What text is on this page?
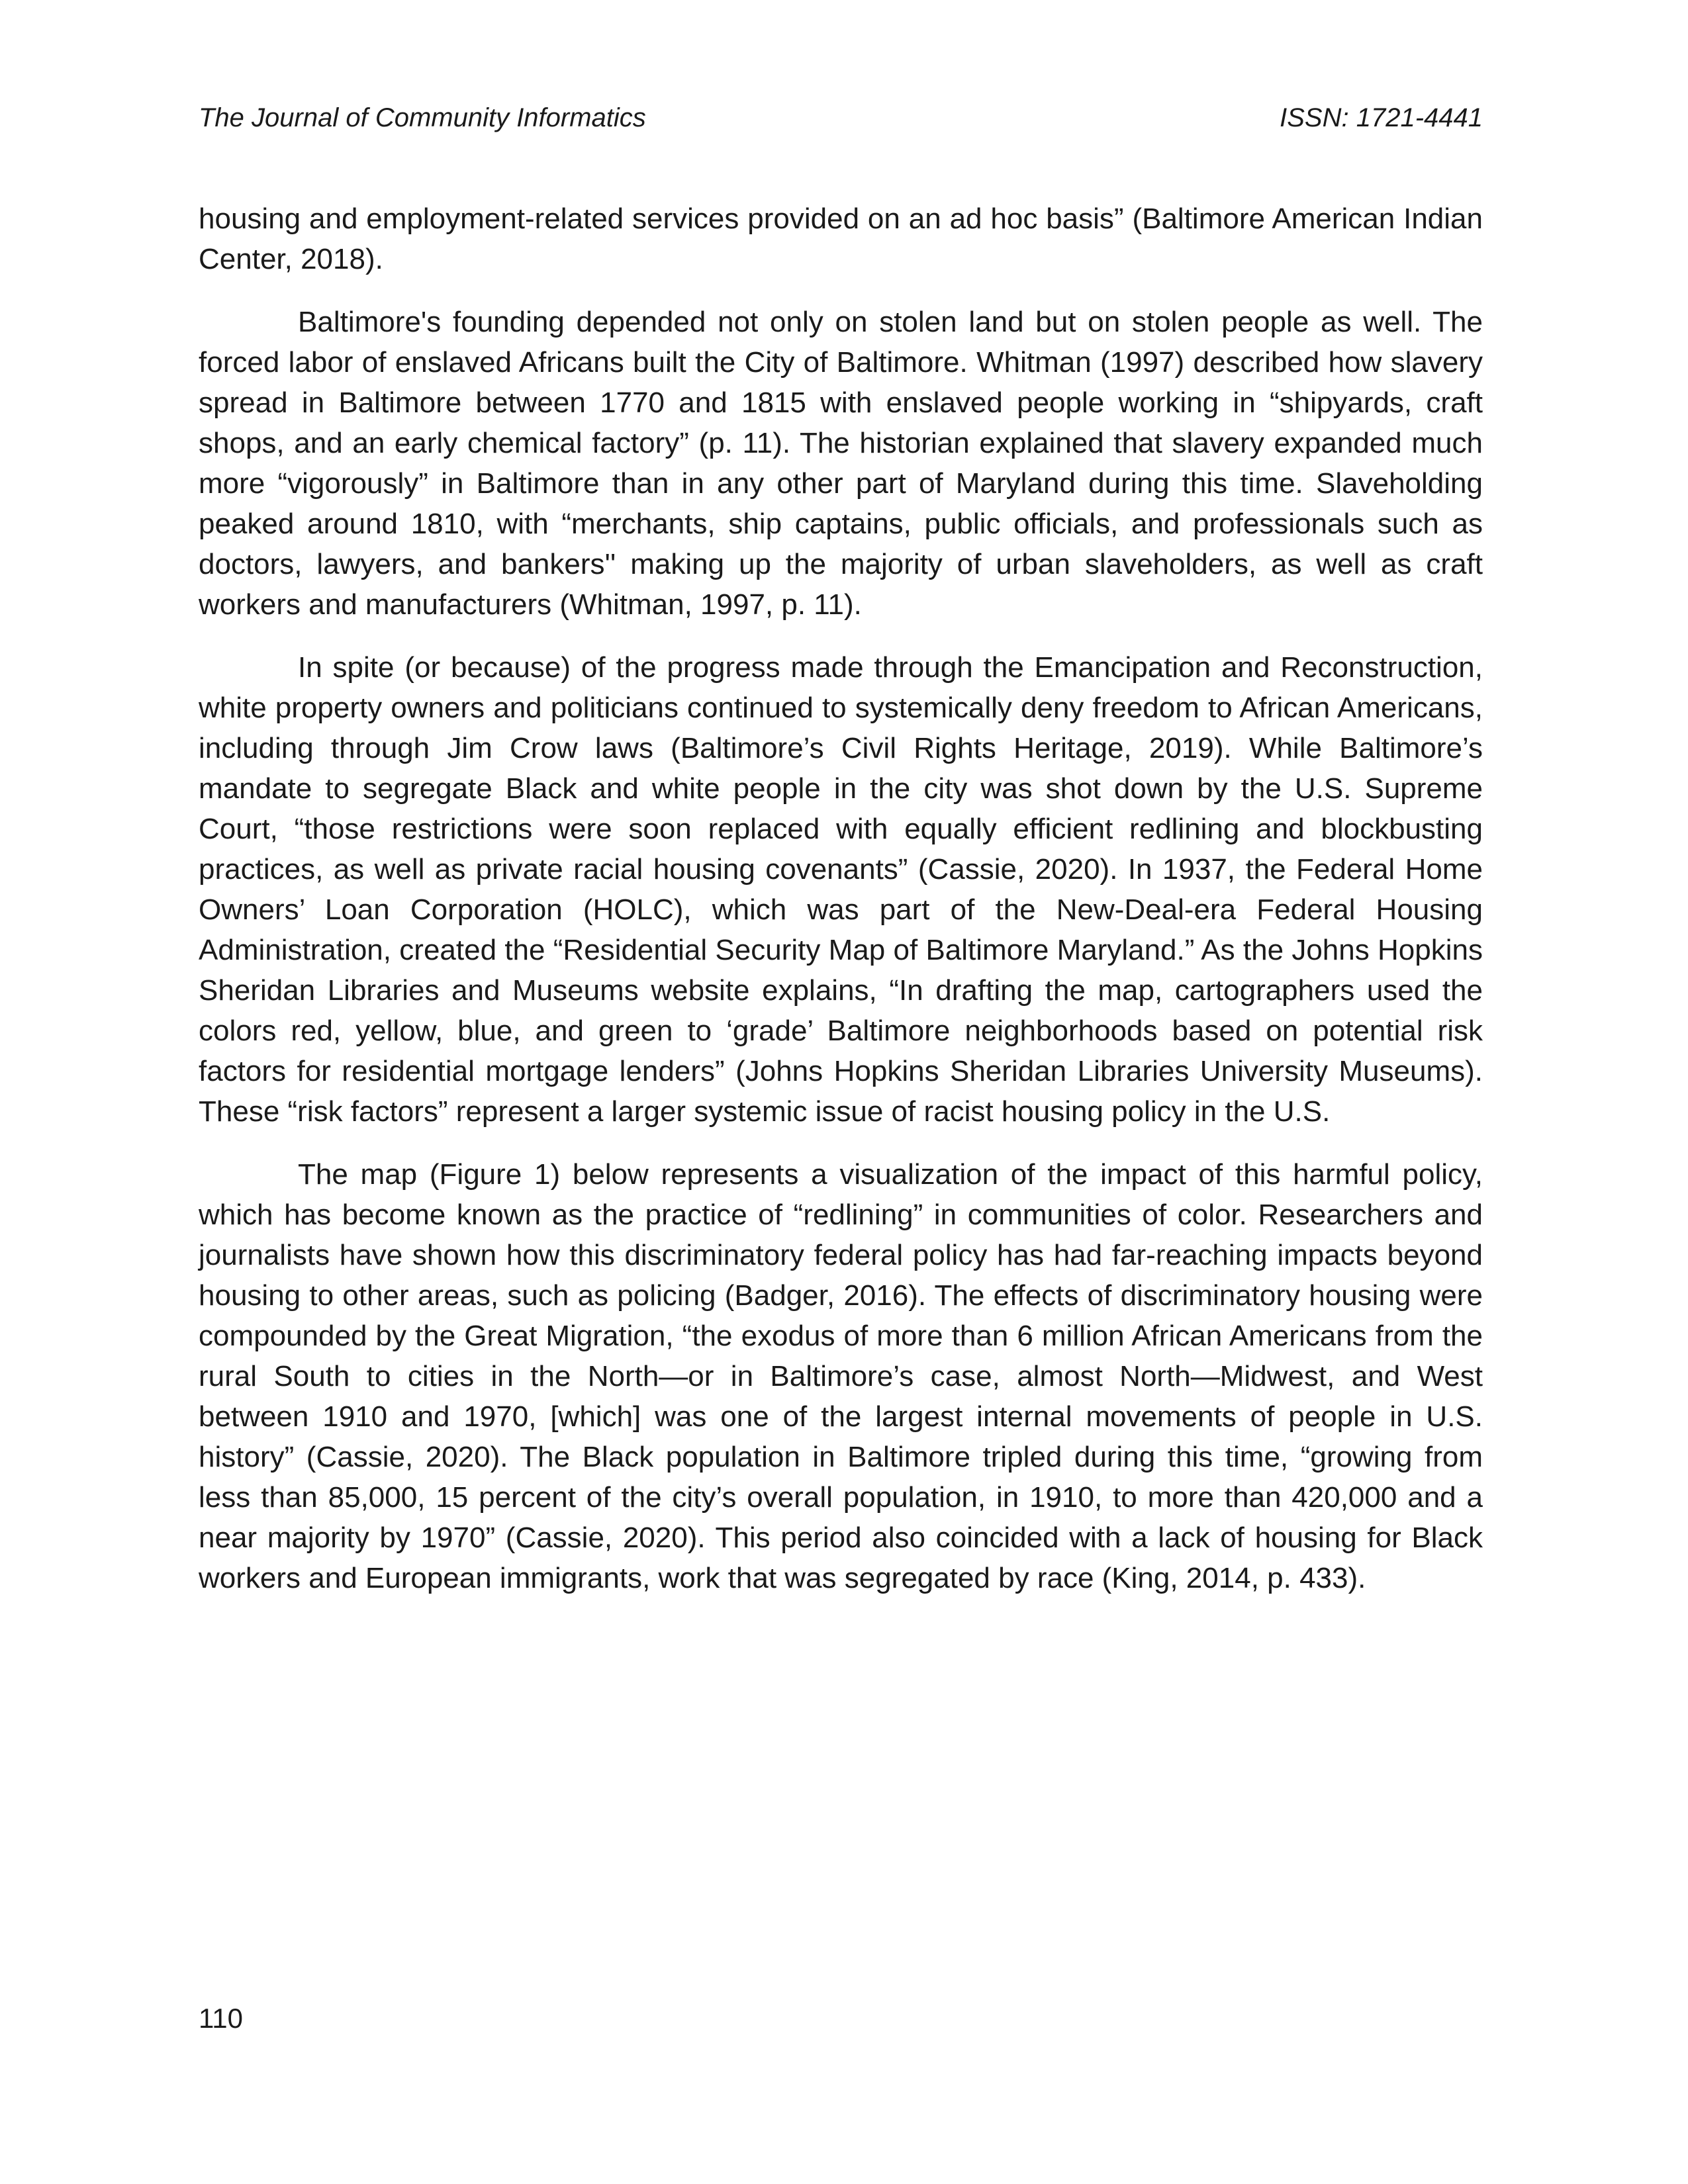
The Journal of Community Informatics	ISSN: 1721-4441

housing and employment-related services provided on an ad hoc basis” (Baltimore American Indian Center, 2018).

Baltimore's founding depended not only on stolen land but on stolen people as well. The forced labor of enslaved Africans built the City of Baltimore. Whitman (1997) described how slavery spread in Baltimore between 1770 and 1815 with enslaved people working in “shipyards, craft shops, and an early chemical factory” (p. 11). The historian explained that slavery expanded much more “vigorously” in Baltimore than in any other part of Maryland during this time. Slaveholding peaked around 1810, with “merchants, ship captains, public officials, and professionals such as doctors, lawyers, and bankers'' making up the majority of urban slaveholders, as well as craft workers and manufacturers (Whitman, 1997, p. 11).

In spite (or because) of the progress made through the Emancipation and Reconstruction, white property owners and politicians continued to systemically deny freedom to African Americans, including through Jim Crow laws (Baltimore’s Civil Rights Heritage, 2019). While Baltimore’s mandate to segregate Black and white people in the city was shot down by the U.S. Supreme Court, “those restrictions were soon replaced with equally efficient redlining and blockbusting practices, as well as private racial housing covenants” (Cassie, 2020). In 1937, the Federal Home Owners’ Loan Corporation (HOLC), which was part of the New-Deal-era Federal Housing Administration, created the “Residential Security Map of Baltimore Maryland.” As the Johns Hopkins Sheridan Libraries and Museums website explains, “In drafting the map, cartographers used the colors red, yellow, blue, and green to ‘grade’ Baltimore neighborhoods based on potential risk factors for residential mortgage lenders” (Johns Hopkins Sheridan Libraries University Museums). These “risk factors” represent a larger systemic issue of racist housing policy in the U.S.

The map (Figure 1) below represents a visualization of the impact of this harmful policy, which has become known as the practice of “redlining” in communities of color. Researchers and journalists have shown how this discriminatory federal policy has had far-reaching impacts beyond housing to other areas, such as policing (Badger, 2016). The effects of discriminatory housing were compounded by the Great Migration, “the exodus of more than 6 million African Americans from the rural South to cities in the North—or in Baltimore’s case, almost North—Midwest, and West between 1910 and 1970, [which] was one of the largest internal movements of people in U.S. history” (Cassie, 2020). The Black population in Baltimore tripled during this time, “growing from less than 85,000, 15 percent of the city’s overall population, in 1910, to more than 420,000 and a near majority by 1970” (Cassie, 2020). This period also coincided with a lack of housing for Black workers and European immigrants, work that was segregated by race (King, 2014, p. 433).

110
